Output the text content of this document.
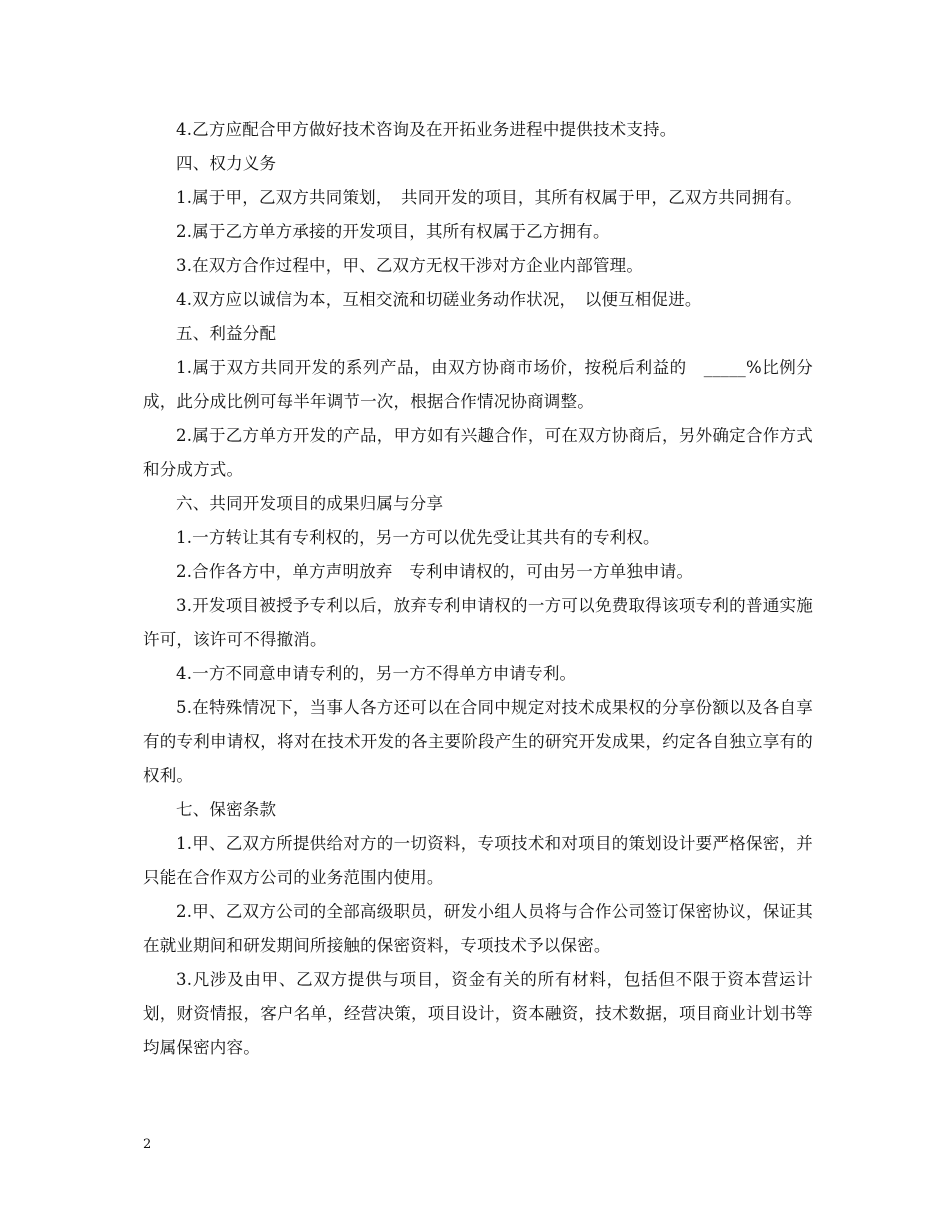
4.乙方应配合甲方做好技术咨询及在开拓业务进程中提供技术支持。

四、权力义务

1.属于甲，乙双方共同策划，　共同开发的项目，其所有权属于甲，乙双方共同拥有。

2.属于乙方单方承接的开发项目，其所有权属于乙方拥有。

3.在双方合作过程中，甲、乙双方无权干涉对方企业内部管理。

4.双方应以诚信为本，互相交流和切磋业务动作状况，　以便互相促进。

五、利益分配

1.属于双方共同开发的系列产品，由双方协商市场价，按税后利益的　_____%比例分成，此分成比例可每半年调节一次，根据合作情况协商调整。

2.属于乙方单方开发的产品，甲方如有兴趣合作，可在双方协商后，另外确定合作方式和分成方式。

六、共同开发项目的成果归属与分享

1.一方转让其有专利权的，另一方可以优先受让其共有的专利权。

2.合作各方中，单方声明放弃　专利申请权的，可由另一方单独申请。

3.开发项目被授予专利以后，放弃专利申请权的一方可以免费取得该项专利的普通实施许可，该许可不得撤消。

4.一方不同意申请专利的，另一方不得单方申请专利。

5.在特殊情况下，当事人各方还可以在合同中规定对技术成果权的分享份额以及各自享有的专利申请权，将对在技术开发的各主要阶段产生的研究开发成果，约定各自独立享有的权利。

七、保密条款

1.甲、乙双方所提供给对方的一切资料，专项技术和对项目的策划设计要严格保密，并只能在合作双方公司的业务范围内使用。

2.甲、乙双方公司的全部高级职员，研发小组人员将与合作公司签订保密协议，保证其在就业期间和研发期间所接触的保密资料，专项技术予以保密。

3.凡涉及由甲、乙双方提供与项目，资金有关的所有材料，包括但不限于资本营运计划，财资情报，客户名单，经营决策，项目设计，资本融资，技术数据，项目商业计划书等均属保密内容。

2
